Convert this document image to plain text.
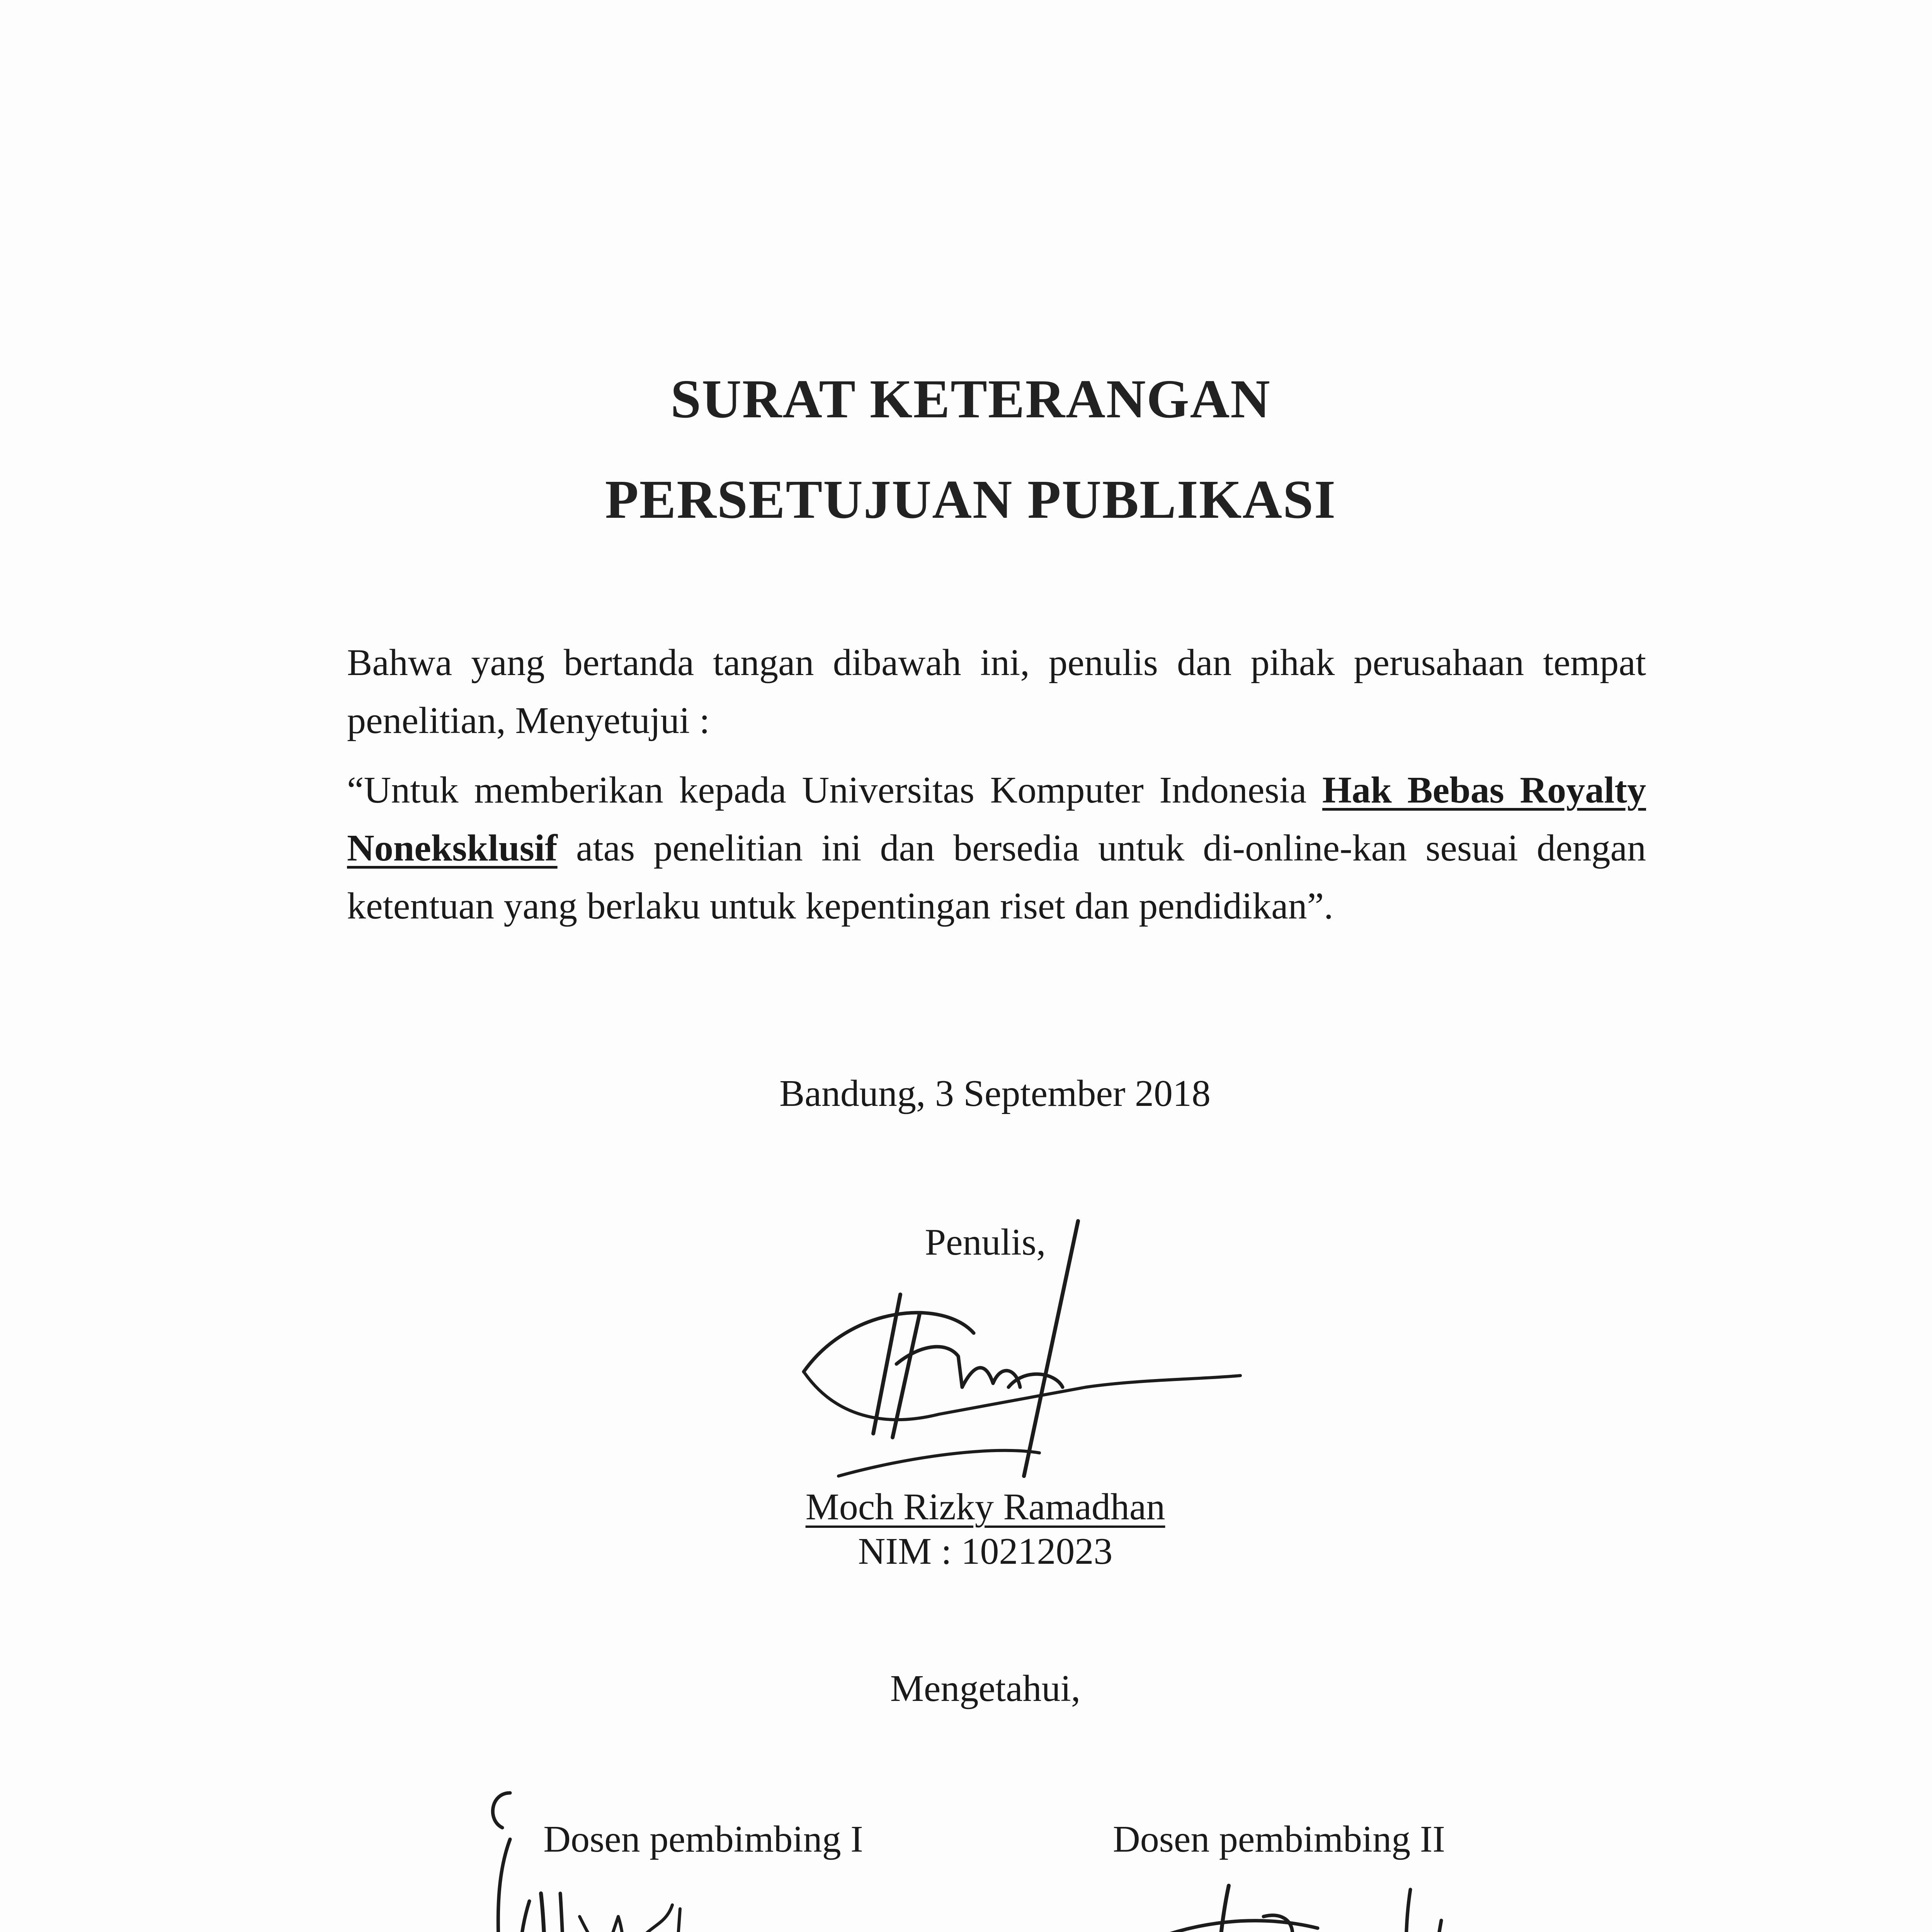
SURAT KETERANGAN
PERSETUJUAN PUBLIKASI
Bahwa yang bertanda tangan dibawah ini, penulis dan pihak perusahaan tempat penelitian, Menyetujui :
“Untuk memberikan kepada Universitas Komputer Indonesia Hak Bebas Royalty Noneksklusif atas penelitian ini dan bersedia untuk di-online-kan sesuai dengan ketentuan yang berlaku untuk kepentingan riset dan pendidikan”.
Bandung, 3 September 2018
Penulis,
Moch Rizky Ramadhan
NIM : 10212023
Mengetahui,
Dosen pembimbing I	Dosen pembimbing II
